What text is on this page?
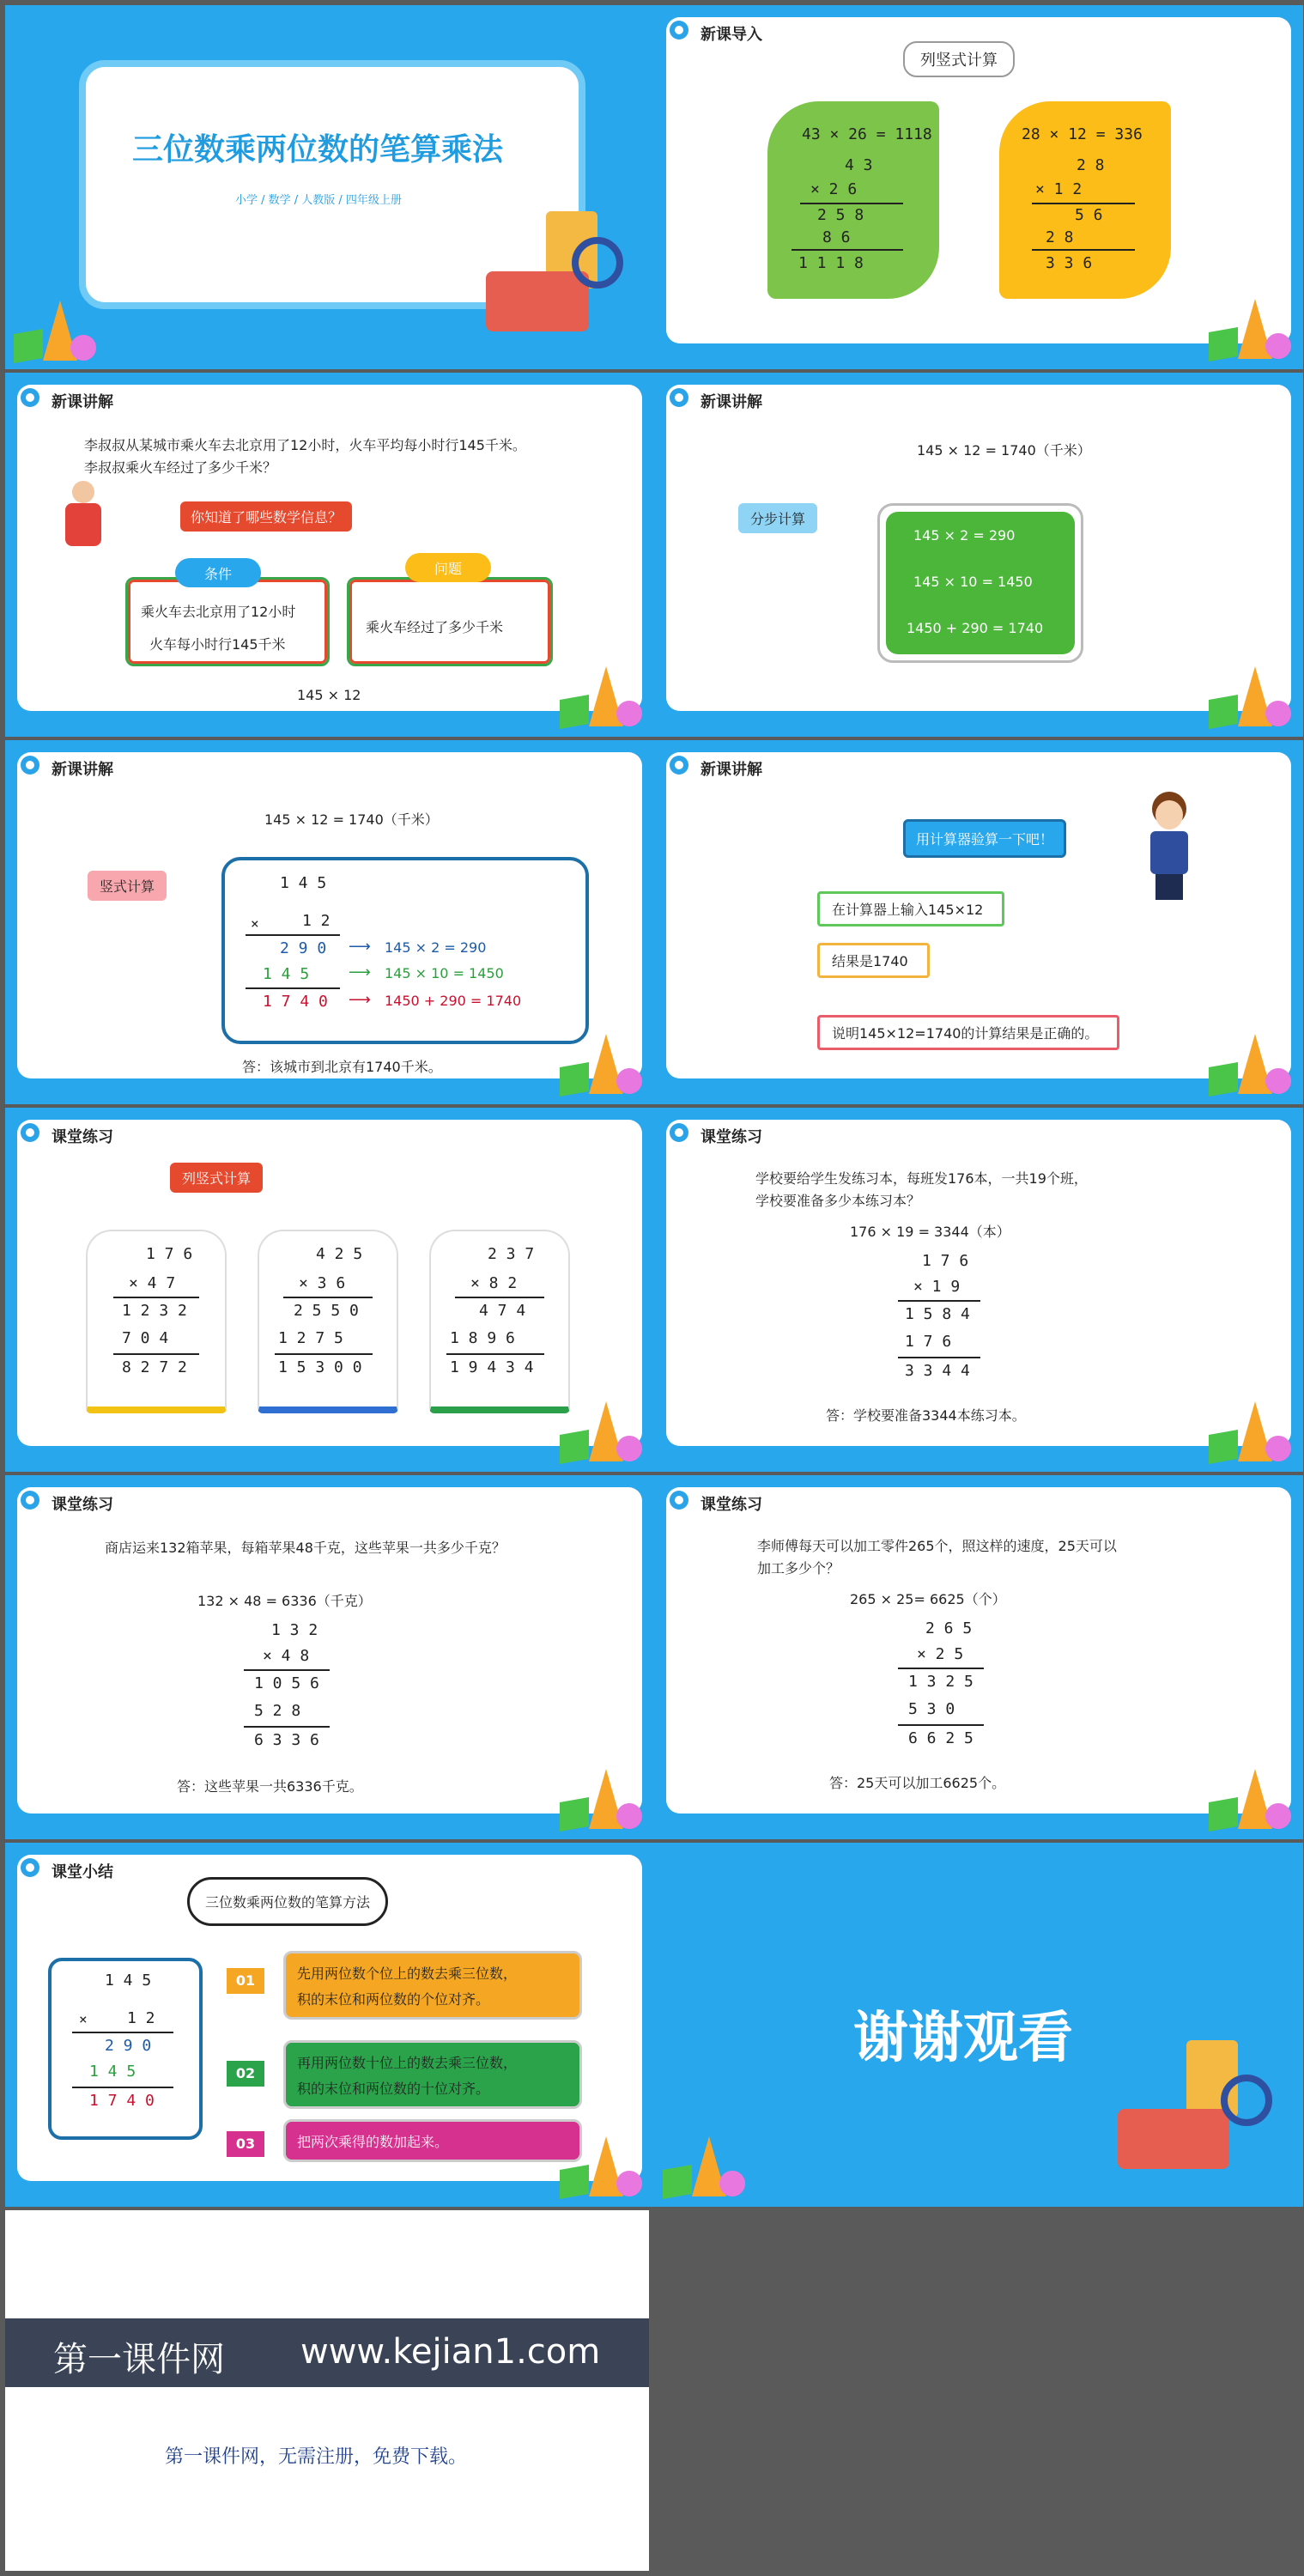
三位数乘两位数的笔算乘法
小学 / 数学 / 人教版 / 四年级上册
新课导入
列竖式计算
43 × 26 = 1118
4 3
× 2 6
2 5 8
8 6
1 1 1 8
28 × 12 = 336
2 8
× 1 2
5 6
2 8
3 3 6
新课讲解
李叔叔从某城市乘火车去北京用了12小时，火车平均每小时行145千米。
李叔叔乘火车经过了多少千米？
你知道了哪些数学信息？
条件
乘火车去北京用了12小时
火车每小时行145千米
问题
乘火车经过了多少千米
145 × 12
新课讲解
145 × 12 = 1740（千米）
分步计算
145 × 2 = 290
145 × 10 = 1450
1450 + 290 = 1740
新课讲解
145 × 12 = 1740（千米）
竖式计算	1 4 5
×	1 2
2 9 0
1 4 5
1 7 4 0
⟶ 145 × 2 = 290
⟶ 145 × 10 = 1450
⟶ 1450 + 290 = 1740
答：该城市到北京有1740千米。
新课讲解
用计算器验算一下吧！
在计算器上输入145×12
结果是1740
说明145×12=1740的计算结果是正确的。
课堂练习
列竖式计算
1 7 6
× 4 7
1 2 3 2
7 0 4
8 2 7 2
4 2 5
× 3 6
2 5 5 0
1 2 7 5
1 5 3 0 0
2 3 7
× 8 2
4 7 4
1 8 9 6
1 9 4 3 4
课堂练习
学校要给学生发练习本，每班发176本，一共19个班，
学校要准备多少本练习本？
176 × 19 = 3344（本）
1 7 6
× 1 9
1 5 8 4
1 7 6
3 3 4 4
答：学校要准备3344本练习本。
课堂练习
商店运来132箱苹果，每箱苹果48千克，这些苹果一共多少千克？
132 × 48 = 6336（千克）
1 3 2
× 4 8
1 0 5 6
5 2 8
6 3 3 6
答：这些苹果一共6336千克。
课堂练习
李师傅每天可以加工零件265个，照这样的速度，25天可以
加工多少个？
265 × 25= 6625（个）
2 6 5
× 2 5
1 3 2 5
5 3 0
6 6 2 5
答：25天可以加工6625个。
课堂小结
三位数乘两位数的笔算方法
1 4 5
×	1 2
2 9 0
1 4 5
1 7 4 0
01	先用两位数个位上的数去乘三位数，
积的末位和两位数的个位对齐。
02
再用两位数十位上的数去乘三位数，
积的末位和两位数的十位对齐。
03	把两次乘得的数加起来。
谢谢观看
第一课件网 www.kejian1.com
第一课件网，无需注册，免费下载。
